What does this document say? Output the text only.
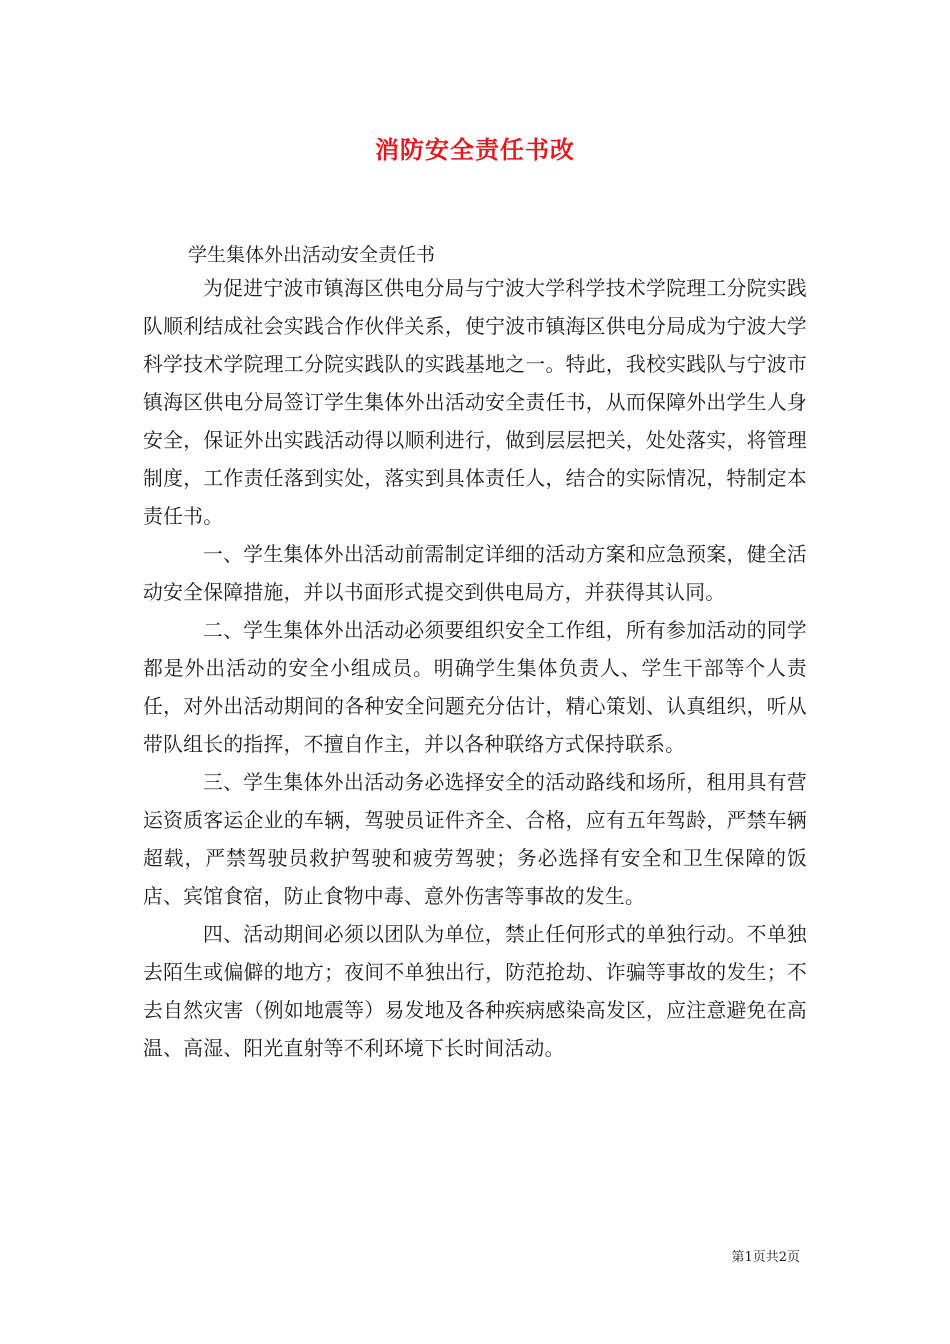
消防安全责任书改
学生集体外出活动安全责任书

为促进宁波市镇海区供电分局与宁波大学科学技术学院理工分院实践队顺利结成社会实践合作伙伴关系，使宁波市镇海区供电分局成为宁波大学科学技术学院理工分院实践队的实践基地之一。特此，我校实践队与宁波市镇海区供电分局签订学生集体外出活动安全责任书，从而保障外出学生人身安全，保证外出实践活动得以顺利进行，做到层层把关，处处落实，将管理制度，工作责任落到实处，落实到具体责任人，结合的实际情况，特制定本责任书。

一、学生集体外出活动前需制定详细的活动方案和应急预案，健全活动安全保障措施，并以书面形式提交到供电局方，并获得其认同。

二、学生集体外出活动必须要组织安全工作组，所有参加活动的同学都是外出活动的安全小组成员。明确学生集体负责人、学生干部等个人责任，对外出活动期间的各种安全问题充分估计，精心策划、认真组织，听从带队组长的指挥，不擅自作主，并以各种联络方式保持联系。

三、学生集体外出活动务必选择安全的活动路线和场所，租用具有营运资质客运企业的车辆，驾驶员证件齐全、合格，应有五年驾龄，严禁车辆超载，严禁驾驶员救护驾驶和疲劳驾驶；务必选择有安全和卫生保障的饭店、宾馆食宿，防止食物中毒、意外伤害等事故的发生。

四、活动期间必须以团队为单位，禁止任何形式的单独行动。不单独去陌生或偏僻的地方；夜间不单独出行，防范抢劫、诈骗等事故的发生；不去自然灾害（例如地震等）易发地及各种疾病感染高发区，应注意避免在高温、高湿、阳光直射等不利环境下长时间活动。

第1页共2页
